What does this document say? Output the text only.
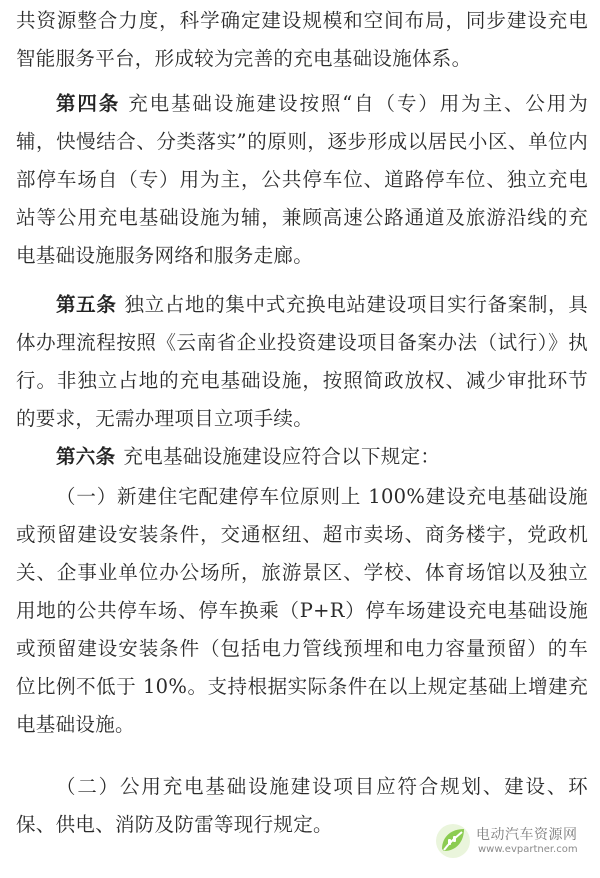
共资源整合力度，科学确定建设规模和空间布局，同步建设充电智能服务平台，形成较为完善的充电基础设施体系。

第四条 充电基础设施建设按照“自（专）用为主、公用为辅，快慢结合、分类落实”的原则，逐步形成以居民小区、单位内部停车场自（专）用为主，公共停车位、道路停车位、独立充电站等公用充电基础设施为辅，兼顾高速公路通道及旅游沿线的充电基础设施服务网络和服务走廊。

第五条 独立占地的集中式充换电站建设项目实行备案制，具体办理流程按照《云南省企业投资建设项目备案办法（试行）》执行。非独立占地的充电基础设施，按照简政放权、减少审批环节的要求，无需办理项目立项手续。

第六条 充电基础设施建设应符合以下规定：

（一）新建住宅配建停车位原则上 100%建设充电基础设施或预留建设安装条件，交通枢纽、超市卖场、商务楼宇，党政机关、企事业单位办公场所，旅游景区、学校、体育场馆以及独立用地的公共停车场、停车换乘（P+R）停车场建设充电基础设施或预留建设安装条件（包括电力管线预埋和电力容量预留）的车位比例不低于 10%。支持根据实际条件在以上规定基础上增建充电基础设施。

（二）公用充电基础设施建设项目应符合规划、建设、环保、供电、消防及防雷等现行规定。	电动汽车资源网
www.evpartner.com
